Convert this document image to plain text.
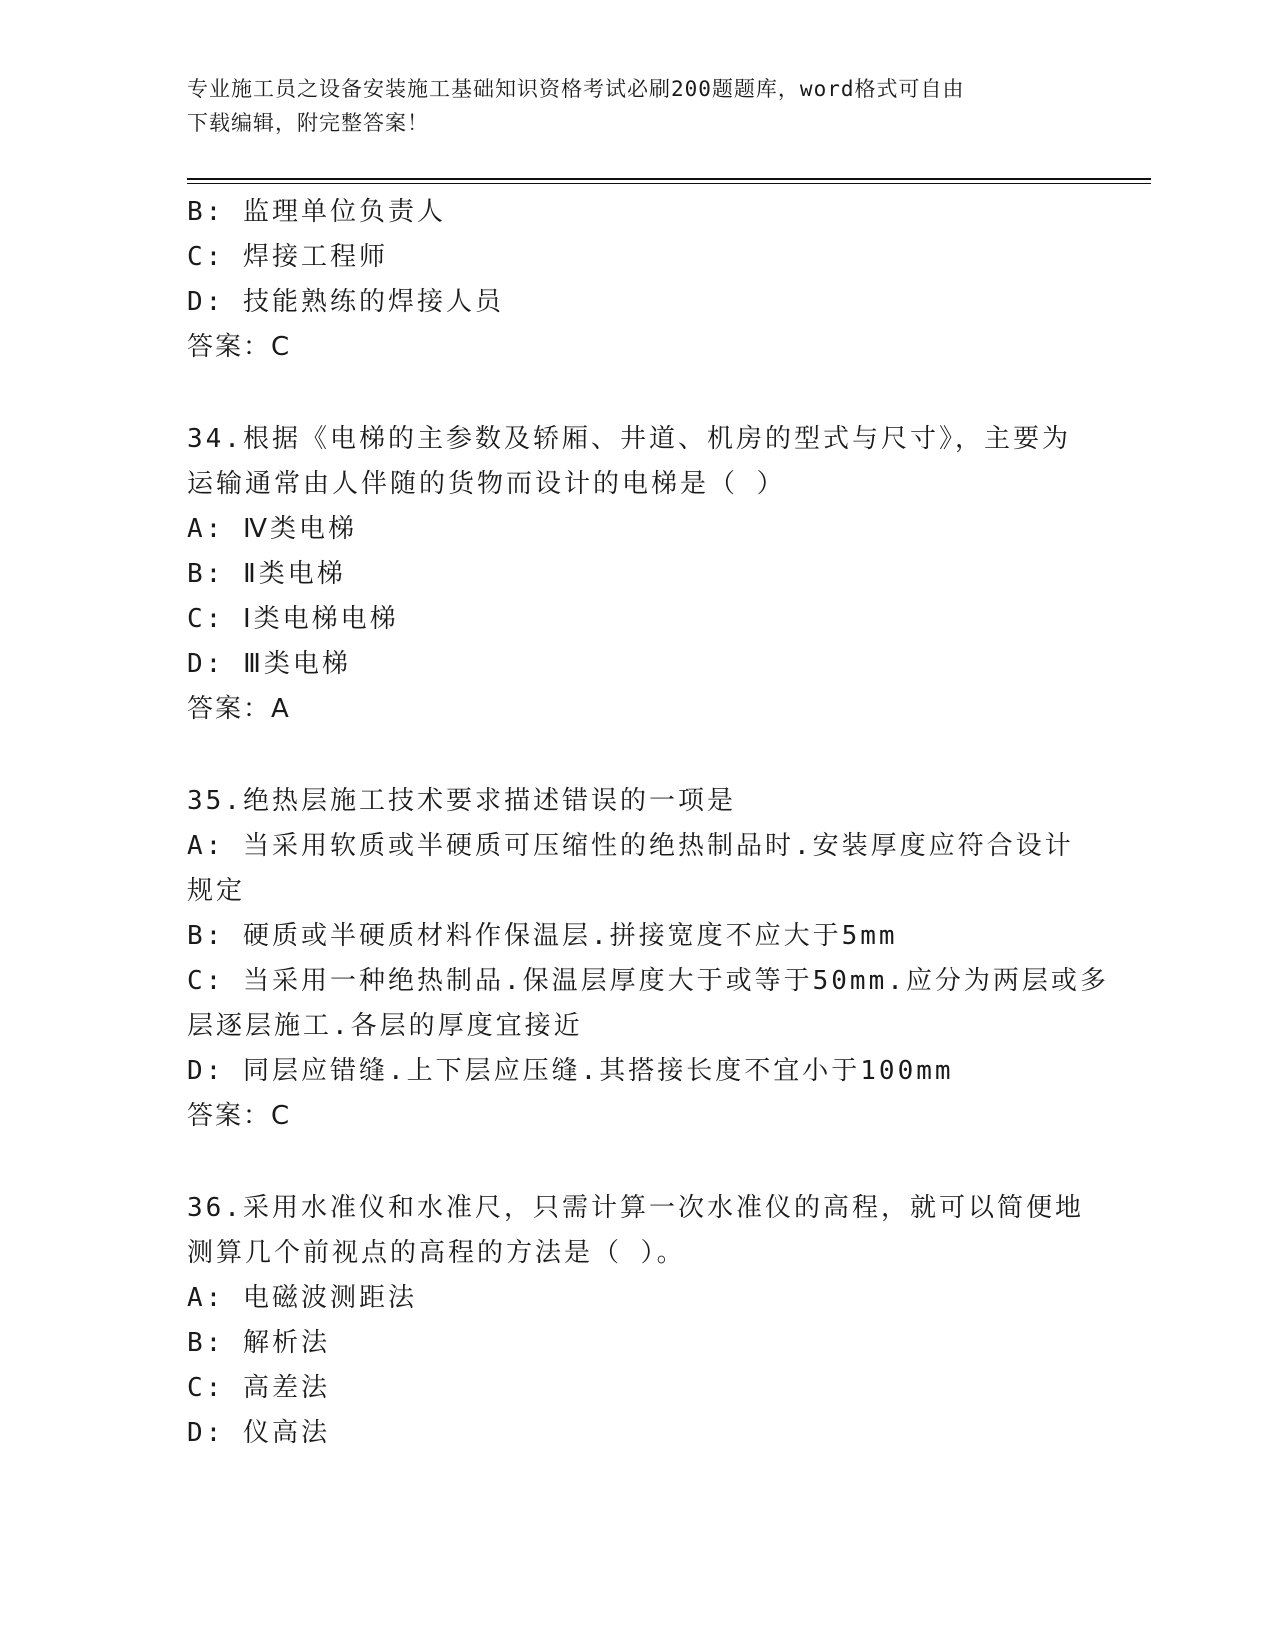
专业施工员之设备安装施工基础知识资格考试必刷200题题库，word格式可自由
下载编辑，附完整答案！
B: 监理单位负责人
C: 焊接工程师
D: 技能熟练的焊接人员
答案：C
34.根据《电梯的主参数及轿厢、井道、机房的型式与尺寸》，主要为
运输通常由人伴随的货物而设计的电梯是（ ）
A: Ⅳ类电梯
B: Ⅱ类电梯
C: Ⅰ类电梯电梯
D: Ⅲ类电梯
答案：A
35.绝热层施工技术要求描述错误的一项是
A: 当采用软质或半硬质可压缩性的绝热制品时.安装厚度应符合设计
规定
B: 硬质或半硬质材料作保温层.拼接宽度不应大于5mm
C: 当采用一种绝热制品.保温层厚度大于或等于50mm.应分为两层或多
层逐层施工.各层的厚度宜接近
D: 同层应错缝.上下层应压缝.其搭接长度不宜小于100mm
答案：C
36.采用水准仪和水准尺，只需计算一次水准仪的高程，就可以简便地
测算几个前视点的高程的方法是（ ）。
A: 电磁波测距法
B: 解析法
C: 高差法
D: 仪高法
